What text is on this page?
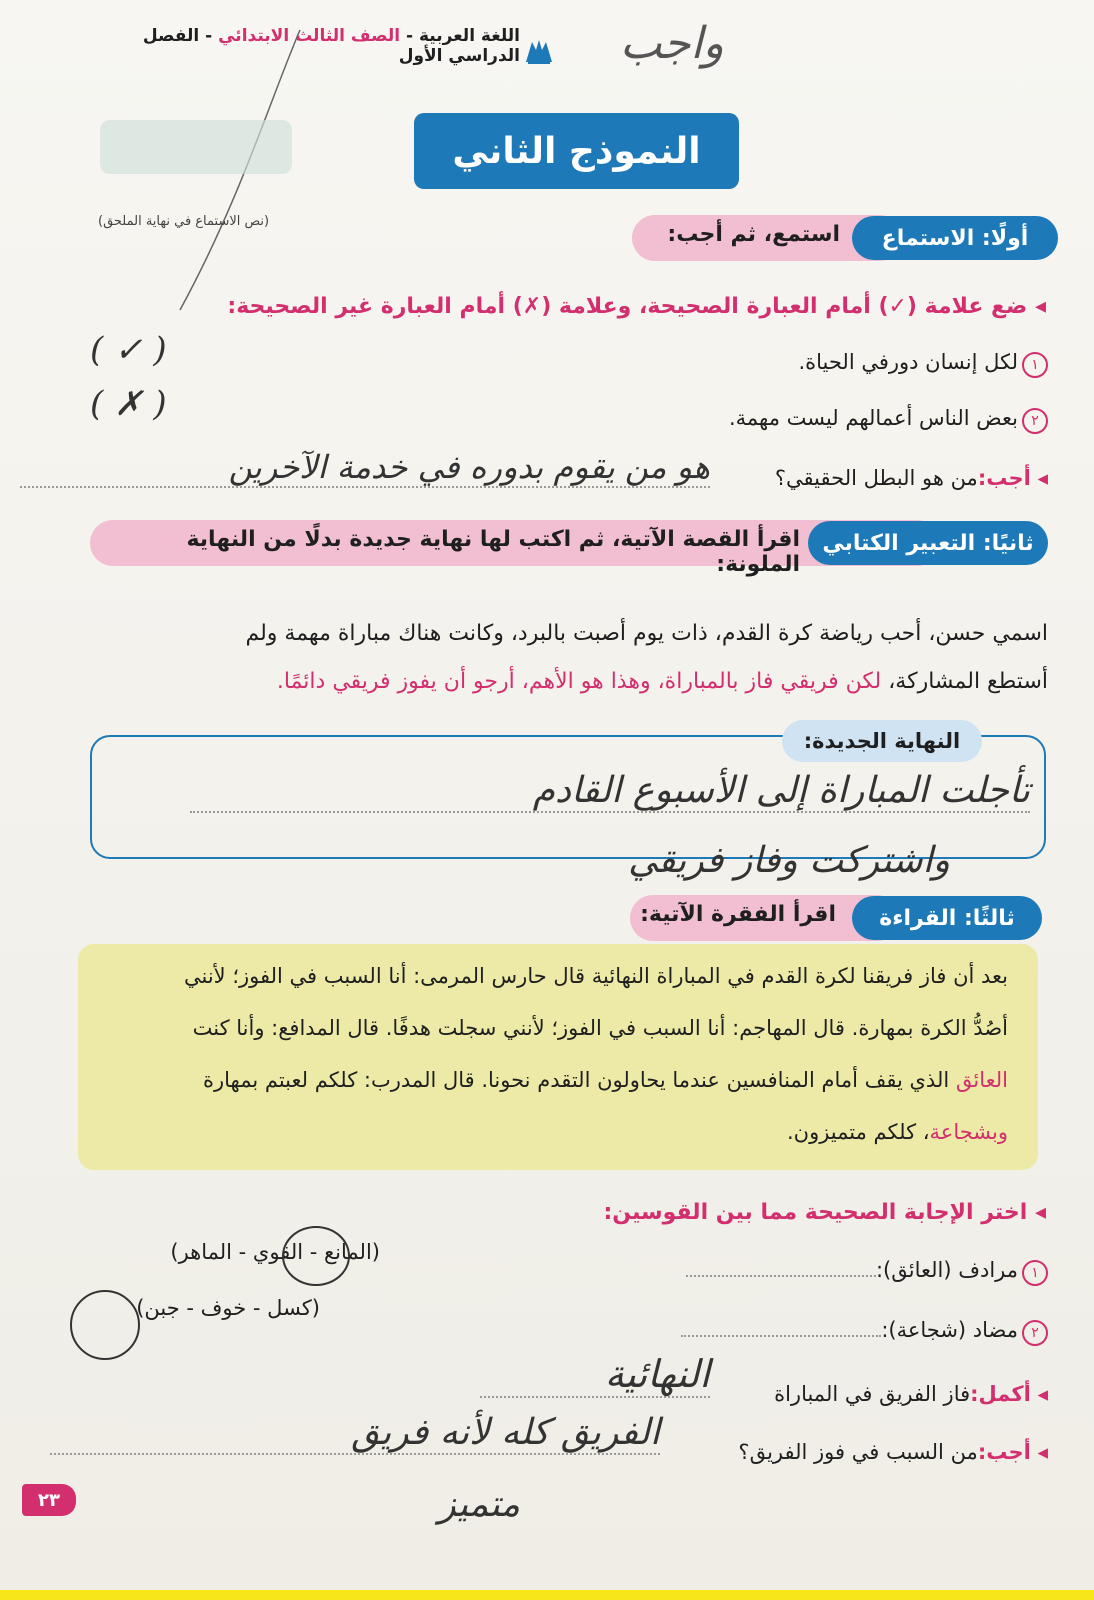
اللغة العربية - الصف الثالث الابتدائي - الفصل الدراسي الأول واجب
النموذج الثاني
(نص الاستماع في نهاية الملحق)
استمع، ثم أجب:	أولًا: الاستماع
◂ ضع علامة (✓) أمام العبارة الصحيحة، وعلامة (✗) أمام العبارة غير الصحيحة:
١لكل إنسان دورفي الحياة.
( ✓ )
٢بعض الناس أعمالهم ليست مهمة.
( ✗ )
◂ أجب:من هو البطل الحقيقي؟
هو من يقوم بدوره في خدمة الآخرين
اقرأ القصة الآتية، ثم اكتب لها نهاية جديدة بدلًا من النهاية الملونة:
ثانيًا: التعبير الكتابي
اسمي حسن، أحب رياضة كرة القدم، ذات يوم أصبت بالبرد، وكانت هناك مباراة مهمة ولم
أستطع المشاركة، لكن فريقي فاز بالمباراة، وهذا هو الأهم، أرجو أن يفوز فريقي دائمًا.
النهاية الجديدة:
تأجلت المباراة إلى الأسبوع القادم
واشتركت وفاز فريقي
اقرأ الفقرة الآتية:	ثالثًا: القراءة

بعد أن فاز فريقنا لكرة القدم في المباراة النهائية قال حارس المرمى: أنا السبب في الفوز؛ لأنني

أصُدُّ الكرة بمهارة. قال المهاجم: أنا السبب في الفوز؛ لأنني سجلت هدفًا. قال المدافع: وأنا كنت

العائق الذي يقف أمام المنافسين عندما يحاولون التقدم نحونا. قال المدرب: كلكم لعبتم بمهارة

وبشجاعة، كلكم متميزون.

◂ اختر الإجابة الصحيحة مما بين القوسين:
١مرادف (العائق):
(المانع - القوي - الماهر)
٢مضاد (شجاعة):
(كسل - خوف - جبن)
◂ أكمل:فاز الفريق في المباراة
النهائية
◂ أجب:من السبب في فوز الفريق؟
الفريق كله لأنه فريق
متميز
٢٣
